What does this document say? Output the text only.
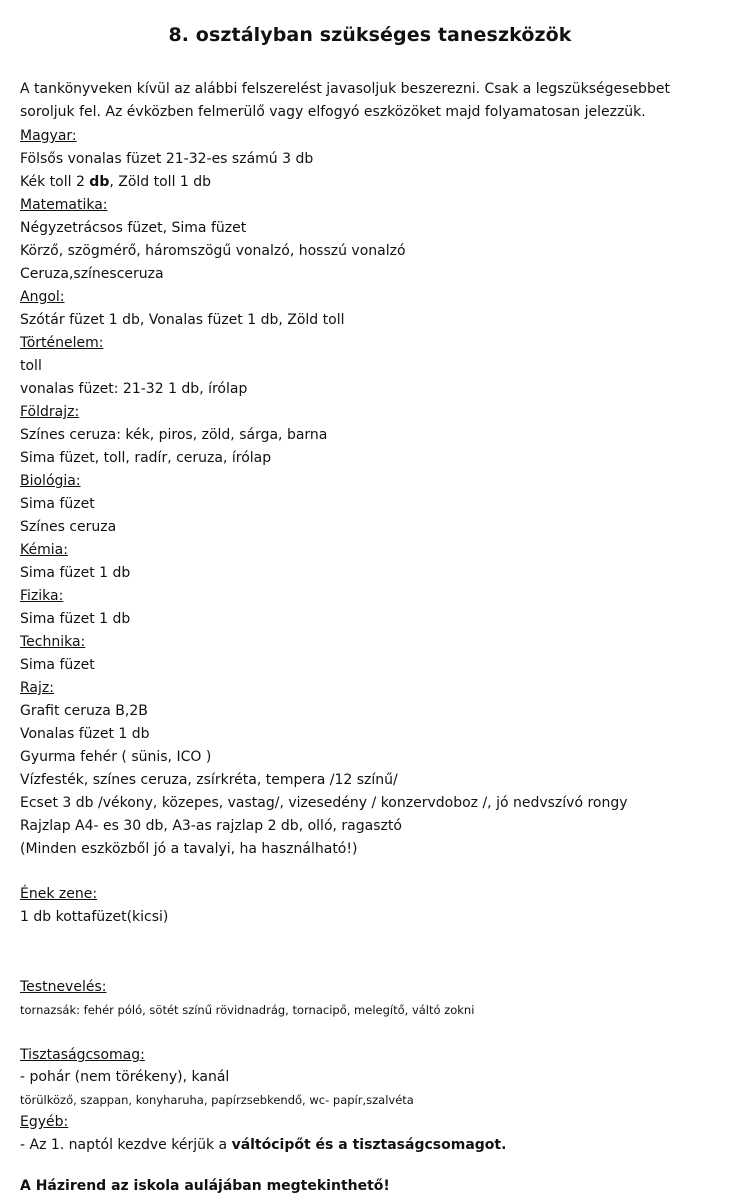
8. osztályban szükséges taneszközök
A tankönyveken kívül az alábbi felszerelést javasoljuk beszerezni. Csak a legszükségesebbet soroljuk fel. Az évközben felmerülő vagy elfogyó eszközöket majd folyamatosan jelezzük.
Magyar:
Fölsős vonalas füzet 21-32-es számú 3 db
Kék toll 2 db, Zöld toll 1 db
Matematika:
Négyzetrácsos füzet, Sima füzet
Körző, szögmérő, háromszögű vonalzó, hosszú vonalzó
Ceruza,színesceruza
Angol:
Szótár füzet 1 db, Vonalas füzet 1 db, Zöld toll
Történelem:
toll
vonalas füzet: 21-32 1 db, írólap
Földrajz:
Színes ceruza: kék, piros, zöld, sárga, barna
Sima füzet, toll, radír, ceruza, írólap
Biológia:
Sima füzet
Színes ceruza
Kémia:
Sima füzet 1 db
Fizika:
Sima füzet 1 db
Technika:
Sima füzet
Rajz:
Grafit ceruza B,2B
Vonalas füzet 1 db
Gyurma fehér ( sünis, ICO )
Vízfesték, színes ceruza, zsírkréta, tempera /12 színű/
Ecset 3 db /vékony, közepes, vastag/, vizesedény / konzervdoboz /, jó nedvszívó rongy
Rajzlap A4- es 30 db, A3-as rajzlap 2 db, olló, ragasztó
(Minden eszközből jó a tavalyi, ha használható!)
Ének zene:
1 db kottafüzet(kicsi)
Testnevelés:
tornazsák: fehér póló, sötét színű rövidnadrág, tornacipő, melegítő, váltó zokni
Tisztaságcsomag:
- pohár (nem törékeny), kanál
törülköző, szappan, konyharuha, papírzsebkendő, wc- papír,szalvéta
Egyéb:
- Az 1. naptól kezdve kérjük a váltócipőt és a tisztaságcsomagot.
A Házirend az iskola aulájában megtekinthető!
